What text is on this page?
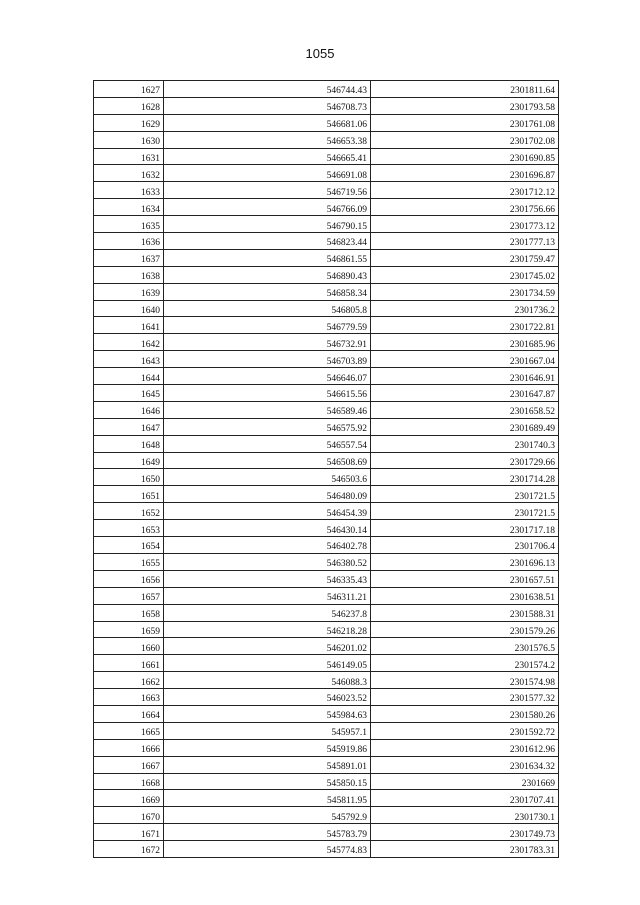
1055
1627	546744.43	2301811.64
1628	546708.73	2301793.58
1629	546681.06	2301761.08
1630	546653.38	2301702.08
1631	546665.41	2301690.85
1632	546691.08	2301696.87
1633	546719.56	2301712.12
1634	546766.09	2301756.66
1635	546790.15	2301773.12
1636	546823.44	2301777.13
1637	546861.55	2301759.47
1638	546890.43	2301745.02
1639	546858.34	2301734.59
1640	546805.8	2301736.2
1641	546779.59	2301722.81
1642	546732.91	2301685.96
1643	546703.89	2301667.04
1644	546646.07	2301646.91
1645	546615.56	2301647.87
1646	546589.46	2301658.52
1647	546575.92	2301689.49
1648	546557.54	2301740.3
1649	546508.69	2301729.66
1650	546503.6	2301714.28
1651	546480.09	2301721.5
1652	546454.39	2301721.5
1653	546430.14	2301717.18
1654	546402.78	2301706.4
1655	546380.52	2301696.13
1656	546335.43	2301657.51
1657	546311.21	2301638.51
1658	546237.8	2301588.31
1659	546218.28	2301579.26
1660	546201.02	2301576.5
1661	546149.05	2301574.2
1662	546088.3	2301574.98
1663	546023.52	2301577.32
1664	545984.63	2301580.26
1665	545957.1	2301592.72
1666	545919.86	2301612.96
1667	545891.01	2301634.32
1668	545850.15	2301669
1669	545811.95	2301707.41
1670	545792.9	2301730.1
1671	545783.79	2301749.73
1672	545774.83	2301783.31
